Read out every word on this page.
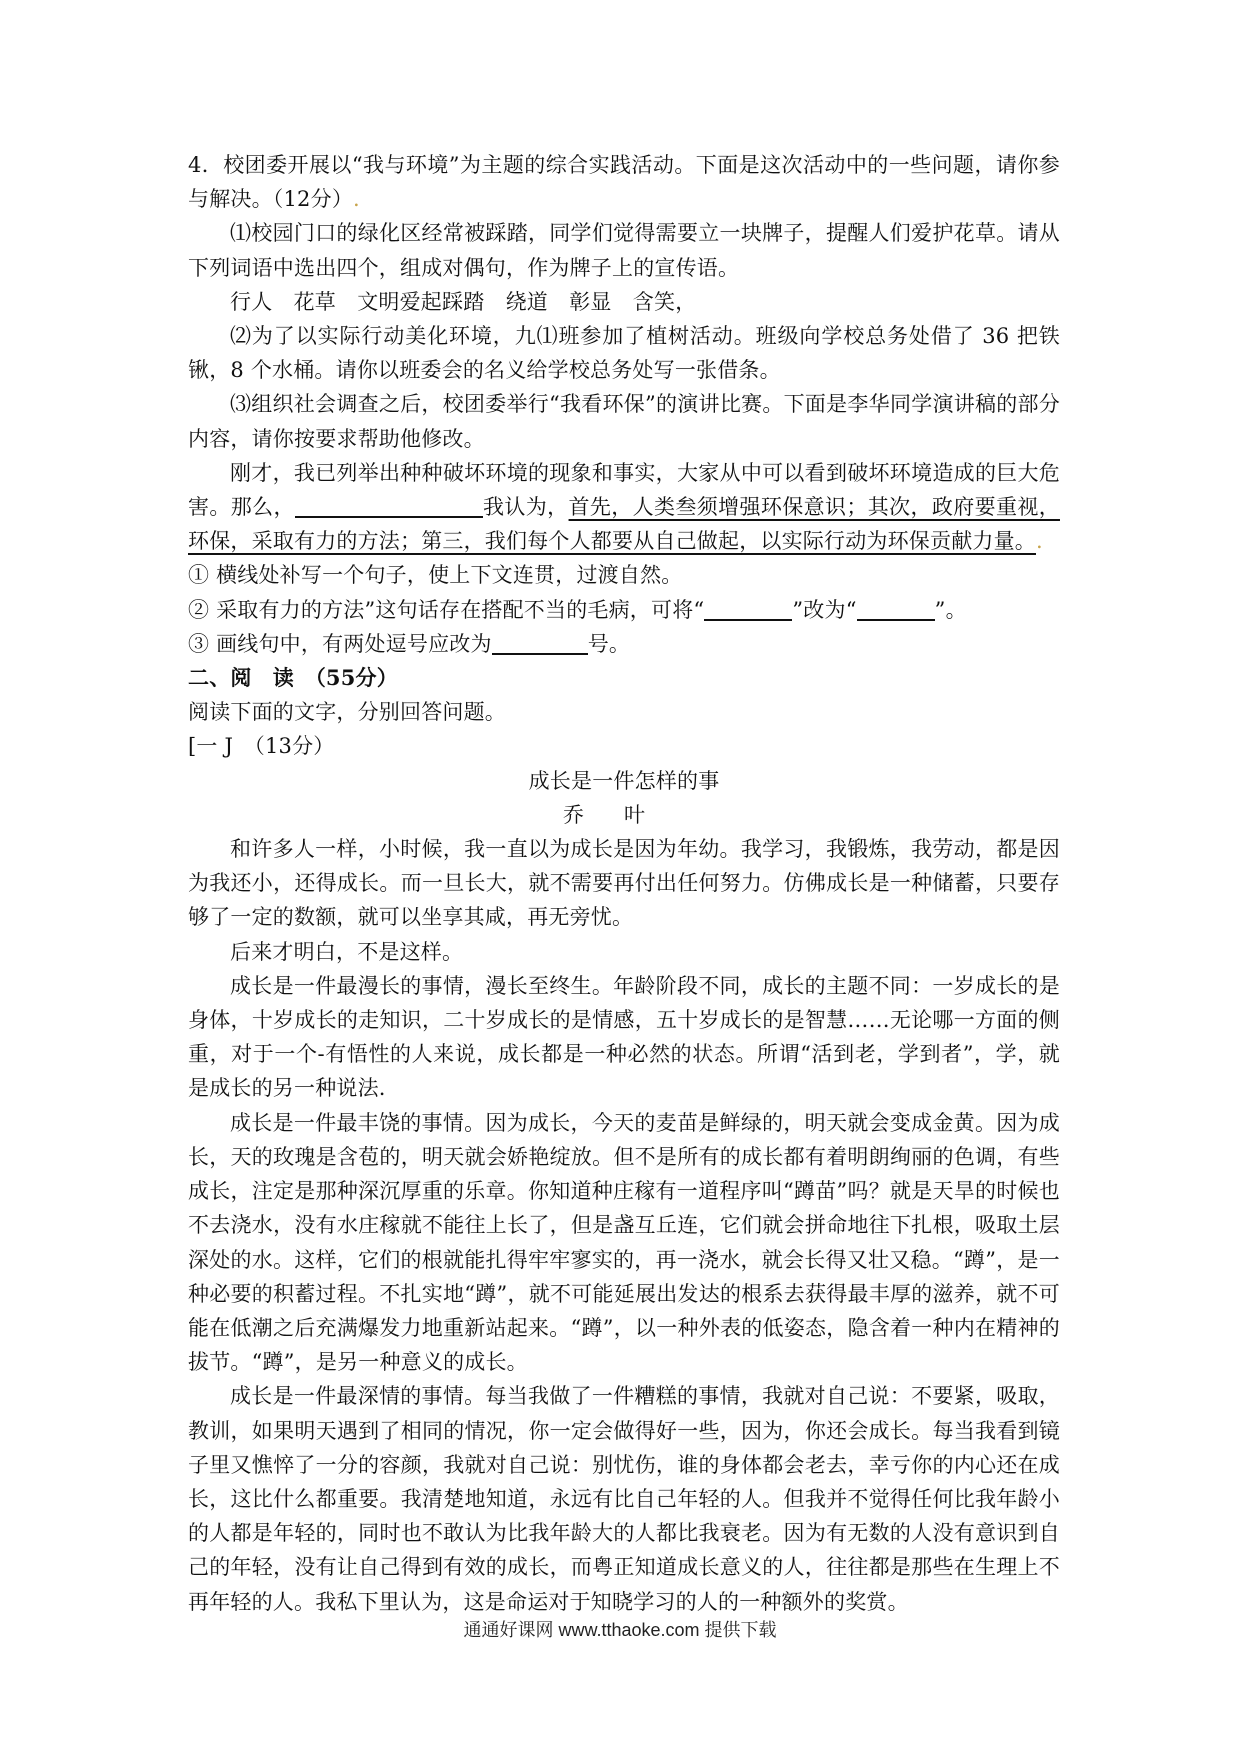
4．校团委开展以“我与环境”为主题的综合实践活动。下面是这次活动中的一些问题，请你参与解决。（12分）.

⑴校园门口的绿化区经常被踩踏，同学们觉得需要立一块牌子，提醒人们爱护花草。请从下列词语中选出四个，组成对偶句，作为牌子上的宣传语。

行人　花草　文明爱起踩踏　绕道　彰显　含笑，

⑵为了以实际行动美化环境，九⑴班参加了植树活动。班级向学校总务处借了 36 把铁锹，8 个水桶。请你以班委会的名义给学校总务处写一张借条。

⑶组织社会调查之后，校团委举行“我看环保”的演讲比赛。下面是李华同学演讲稿的部分内容，请你按要求帮助他修改。

刚才，我已列举出种种破坏环境的现象和事实，大家从中可以看到破坏环境造成的巨大危害。那么，	我认为，首先，人类叁须增强环保意识；其次，政府要重视，环保，采取有力的方法；第三，我们每个人都要从自己做起，以实际行动为环保贡献力量。.

① 横线处补写一个句子，使上下文连贯，过渡自然。

② 采取有力的方法”这句话存在搭配不当的毛病，可将“	”改为“	”。

③ 画线句中，有两处逗号应改为	号。

二、阅　读　（55分）

阅读下面的文字，分别回答问题。

[一 J　（13分）

成长是一件怎样的事

乔叶

和许多人一样，小时候，我一直以为成长是因为年幼。我学习，我锻炼，我劳动，都是因为我还小，还得成长。而一旦长大，就不需要再付出任何努力。仿佛成长是一种储蓄，只要存够了一定的数额，就可以坐享其咸，再无旁忧。

后来才明白，不是这样。

成长是一件最漫长的事情，漫长至终生。年龄阶段不同，成长的主题不同：一岁成长的是身体，十岁成长的走知识，二十岁成长的是情感，五十岁成长的是智慧……无论哪一方面的侧重，对于一个-有悟性的人来说，成长都是一种必然的状态。所谓“活到老，学到者”，学，就是成长的另一种说法.

成长是一件最丰饶的事情。因为成长，今天的麦苗是鲜绿的，明天就会变成金黄。因为成长，天的玫瑰是含苞的，明天就会娇艳绽放。但不是所有的成长都有着明朗绚丽的色调，有些成长，注定是那种深沉厚重的乐章。你知道种庄稼有一道程序叫“蹲苗”吗？就是天旱的时候也不去浇水，没有水庄稼就不能往上长了，但是盏互丘连，它们就会拼命地往下扎根，吸取土层深处的水。这样，它们的根就能扎得牢牢寥实的，再一浇水，就会长得又壮又稳。“蹲”，是一种必要的积蓄过程。不扎实地“蹲”，就不可能延展出发达的根系去获得最丰厚的滋养，就不可能在低潮之后充满爆发力地重新站起来。“蹲”，以一种外表的低姿态，隐含着一种内在精神的拔节。“蹲”，是另一种意义的成长。

成长是一件最深情的事情。每当我做了一件糟糕的事情，我就对自己说：不要紧，吸取，教训，如果明天遇到了相同的情况，你一定会做得好一些，因为，你还会成长。每当我看到镜子里又憔悴了一分的容颜，我就对自己说：别忧伤，谁的身体都会老去，幸亏你的内心还在成长，这比什么都重要。我清楚地知道，永远有比自己年轻的人。但我并不觉得任何比我年龄小的人都是年轻的，同时也不敢认为比我年龄大的人都比我衰老。因为有无数的人没有意识到自己的年轻，没有让自己得到有效的成长，而粤正知道成长意义的人，往往都是那些在生理上不再年轻的人。我私下里认为，这是命运对于知晓学习的人的一种额外的奖赏。

通通好课网 www.tthaoke.com 提供下载
